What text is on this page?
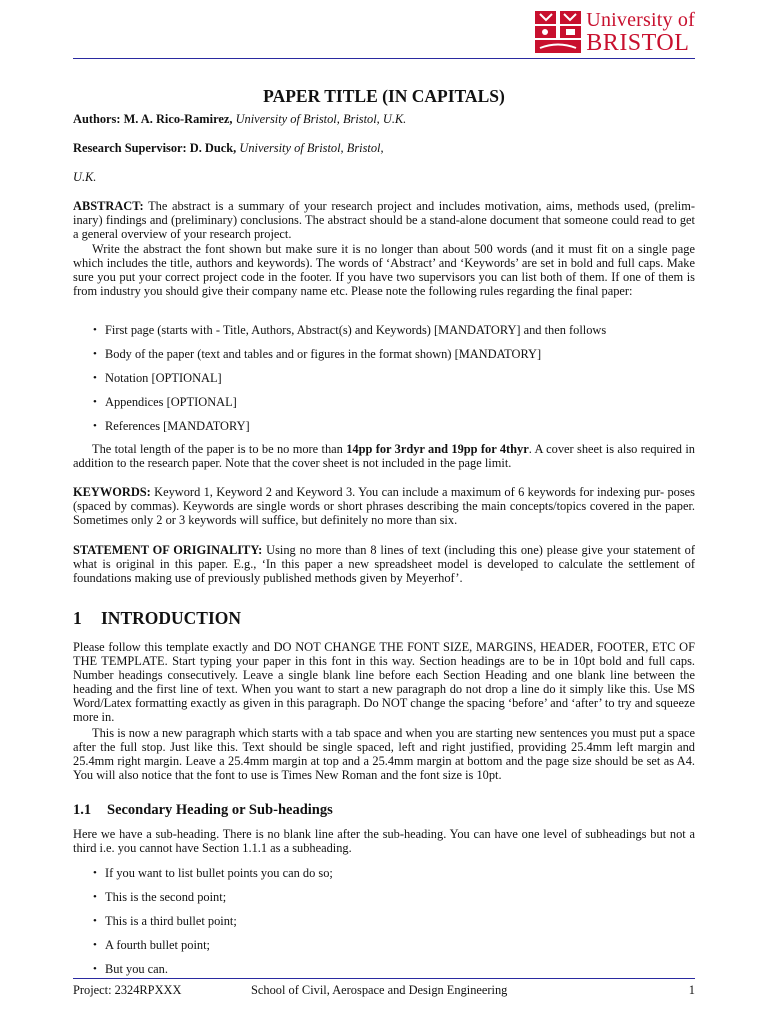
University of
BRISTOL
PAPER TITLE (IN CAPITALS)
Authors: M. A. Rico-Ramirez, University of Bristol, Bristol, U.K.
Research Supervisor: D. Duck, University of Bristol, Bristol,
U.K.
ABSTRACT: The abstract is a summary of your research project and includes motivation, aims, methods used, (prelim- inary) findings and (preliminary) conclusions. The abstract should be a stand-alone document that someone could read to get a general overview of your research project.
Write the abstract the font shown but make sure it is no longer than about 500 words (and it must fit on a single page which includes the title, authors and keywords). The words of ‘Abstract’ and ‘Keywords’ are set in bold and full caps. Make sure you put your correct project code in the footer. If you have two supervisors you can list both of them. If one of them is from industry you should give their company name etc. Please note the following rules regarding the final paper:
• First page (starts with - Title, Authors, Abstract(s) and Keywords) [MANDATORY] and then follows
• Body of the paper (text and tables and or figures in the format shown) [MANDATORY]
• Notation [OPTIONAL]
• Appendices [OPTIONAL]
• References [MANDATORY]
The total length of the paper is to be no more than 14pp for 3rdyr and 19pp for 4thyr. A cover sheet is also required in addition to the research paper. Note that the cover sheet is not included in the page limit.
KEYWORDS: Keyword 1, Keyword 2 and Keyword 3. You can include a maximum of 6 keywords for indexing pur- poses (spaced by commas). Keywords are single words or short phrases describing the main concepts/topics covered in the paper. Sometimes only 2 or 3 keywords will suffice, but definitely no more than six.
STATEMENT OF ORIGINALITY: Using no more than 8 lines of text (including this one) please give your statement of what is original in this paper. E.g., ‘In this paper a new spreadsheet model is developed to calculate the settlement of foundations making use of previously published methods given by Meyerhof’.
1 INTRODUCTION
Please follow this template exactly and DO NOT CHANGE THE FONT SIZE, MARGINS, HEADER, FOOTER, ETC OF THE TEMPLATE. Start typing your paper in this font in this way. Section headings are to be in 10pt bold and full caps. Number headings consecutively. Leave a single blank line before each Section Heading and one blank line between the heading and the first line of text. When you want to start a new paragraph do not drop a line do it simply like this. Use MS Word/Latex formatting exactly as given in this paragraph. Do NOT change the spacing ‘before’ and ‘after’ to try and squeeze more in.
This is now a new paragraph which starts with a tab space and when you are starting new sentences you must put a space after the full stop. Just like this. Text should be single spaced, left and right justified, providing 25.4mm left margin and 25.4mm right margin. Leave a 25.4mm margin at top and a 25.4mm margin at bottom and the page size should be set as A4. You will also notice that the font to use is Times New Roman and the font size is 10pt.
1.1 Secondary Heading or Sub-headings
Here we have a sub-heading. There is no blank line after the sub-heading. You can have one level of subheadings but not a third i.e. you cannot have Section 1.1.1 as a subheading.
• If you want to list bullet points you can do so;
• This is the second point;
• This is a third bullet point;
• A fourth bullet point;
• But you can.
Project: 2324RPXXX	School of Civil, Aerospace and Design Engineering	1
